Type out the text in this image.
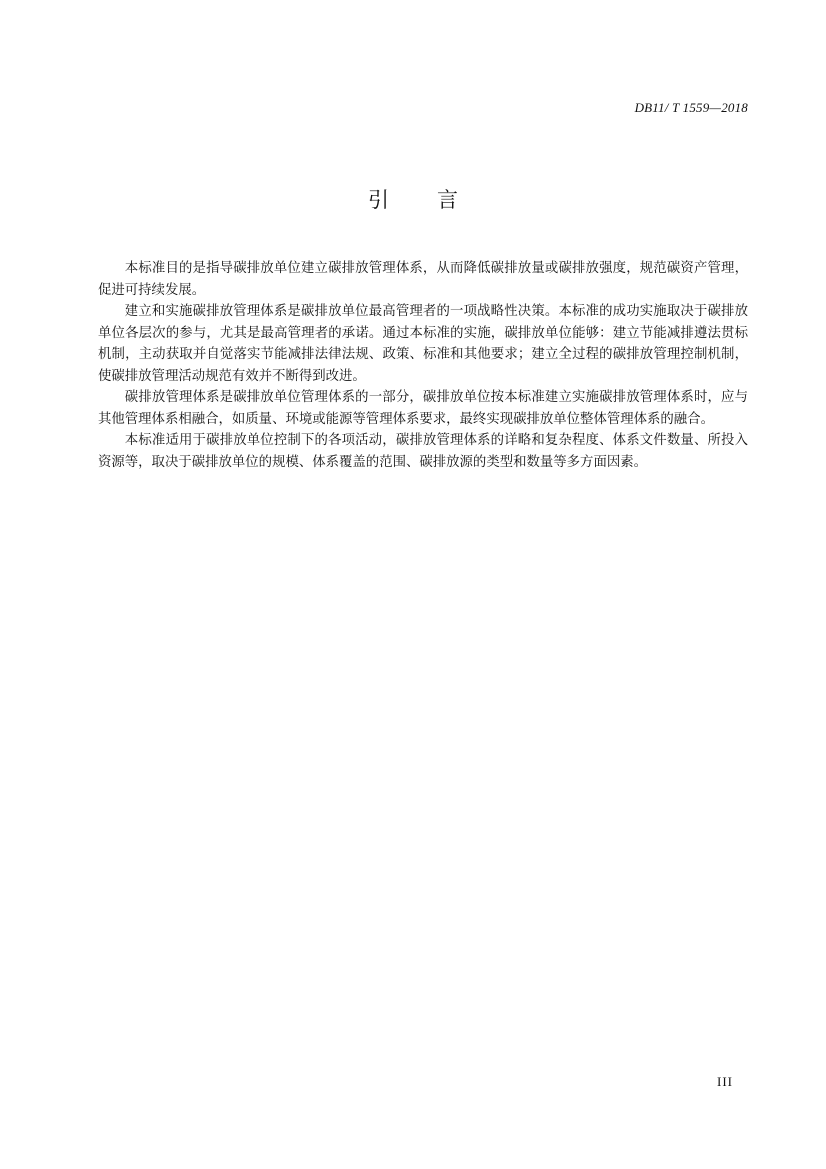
DB11/ T 1559—2018
引 言

本标准目的是指导碳排放单位建立碳排放管理体系，从而降低碳排放量或碳排放强度，规范碳资产管理，促进可持续发展。

建立和实施碳排放管理体系是碳排放单位最高管理者的一项战略性决策。本标准的成功实施取决于碳排放单位各层次的参与，尤其是最高管理者的承诺。通过本标准的实施，碳排放单位能够：建立节能减排遵法贯标机制，主动获取并自觉落实节能减排法律法规、政策、标准和其他要求；建立全过程的碳排放管理控制机制，使碳排放管理活动规范有效并不断得到改进。

碳排放管理体系是碳排放单位管理体系的一部分，碳排放单位按本标准建立实施碳排放管理体系时，应与其他管理体系相融合，如质量、环境或能源等管理体系要求，最终实现碳排放单位整体管理体系的融合。

本标准适用于碳排放单位控制下的各项活动，碳排放管理体系的详略和复杂程度、体系文件数量、所投入资源等，取决于碳排放单位的规模、体系覆盖的范围、碳排放源的类型和数量等多方面因素。

III
